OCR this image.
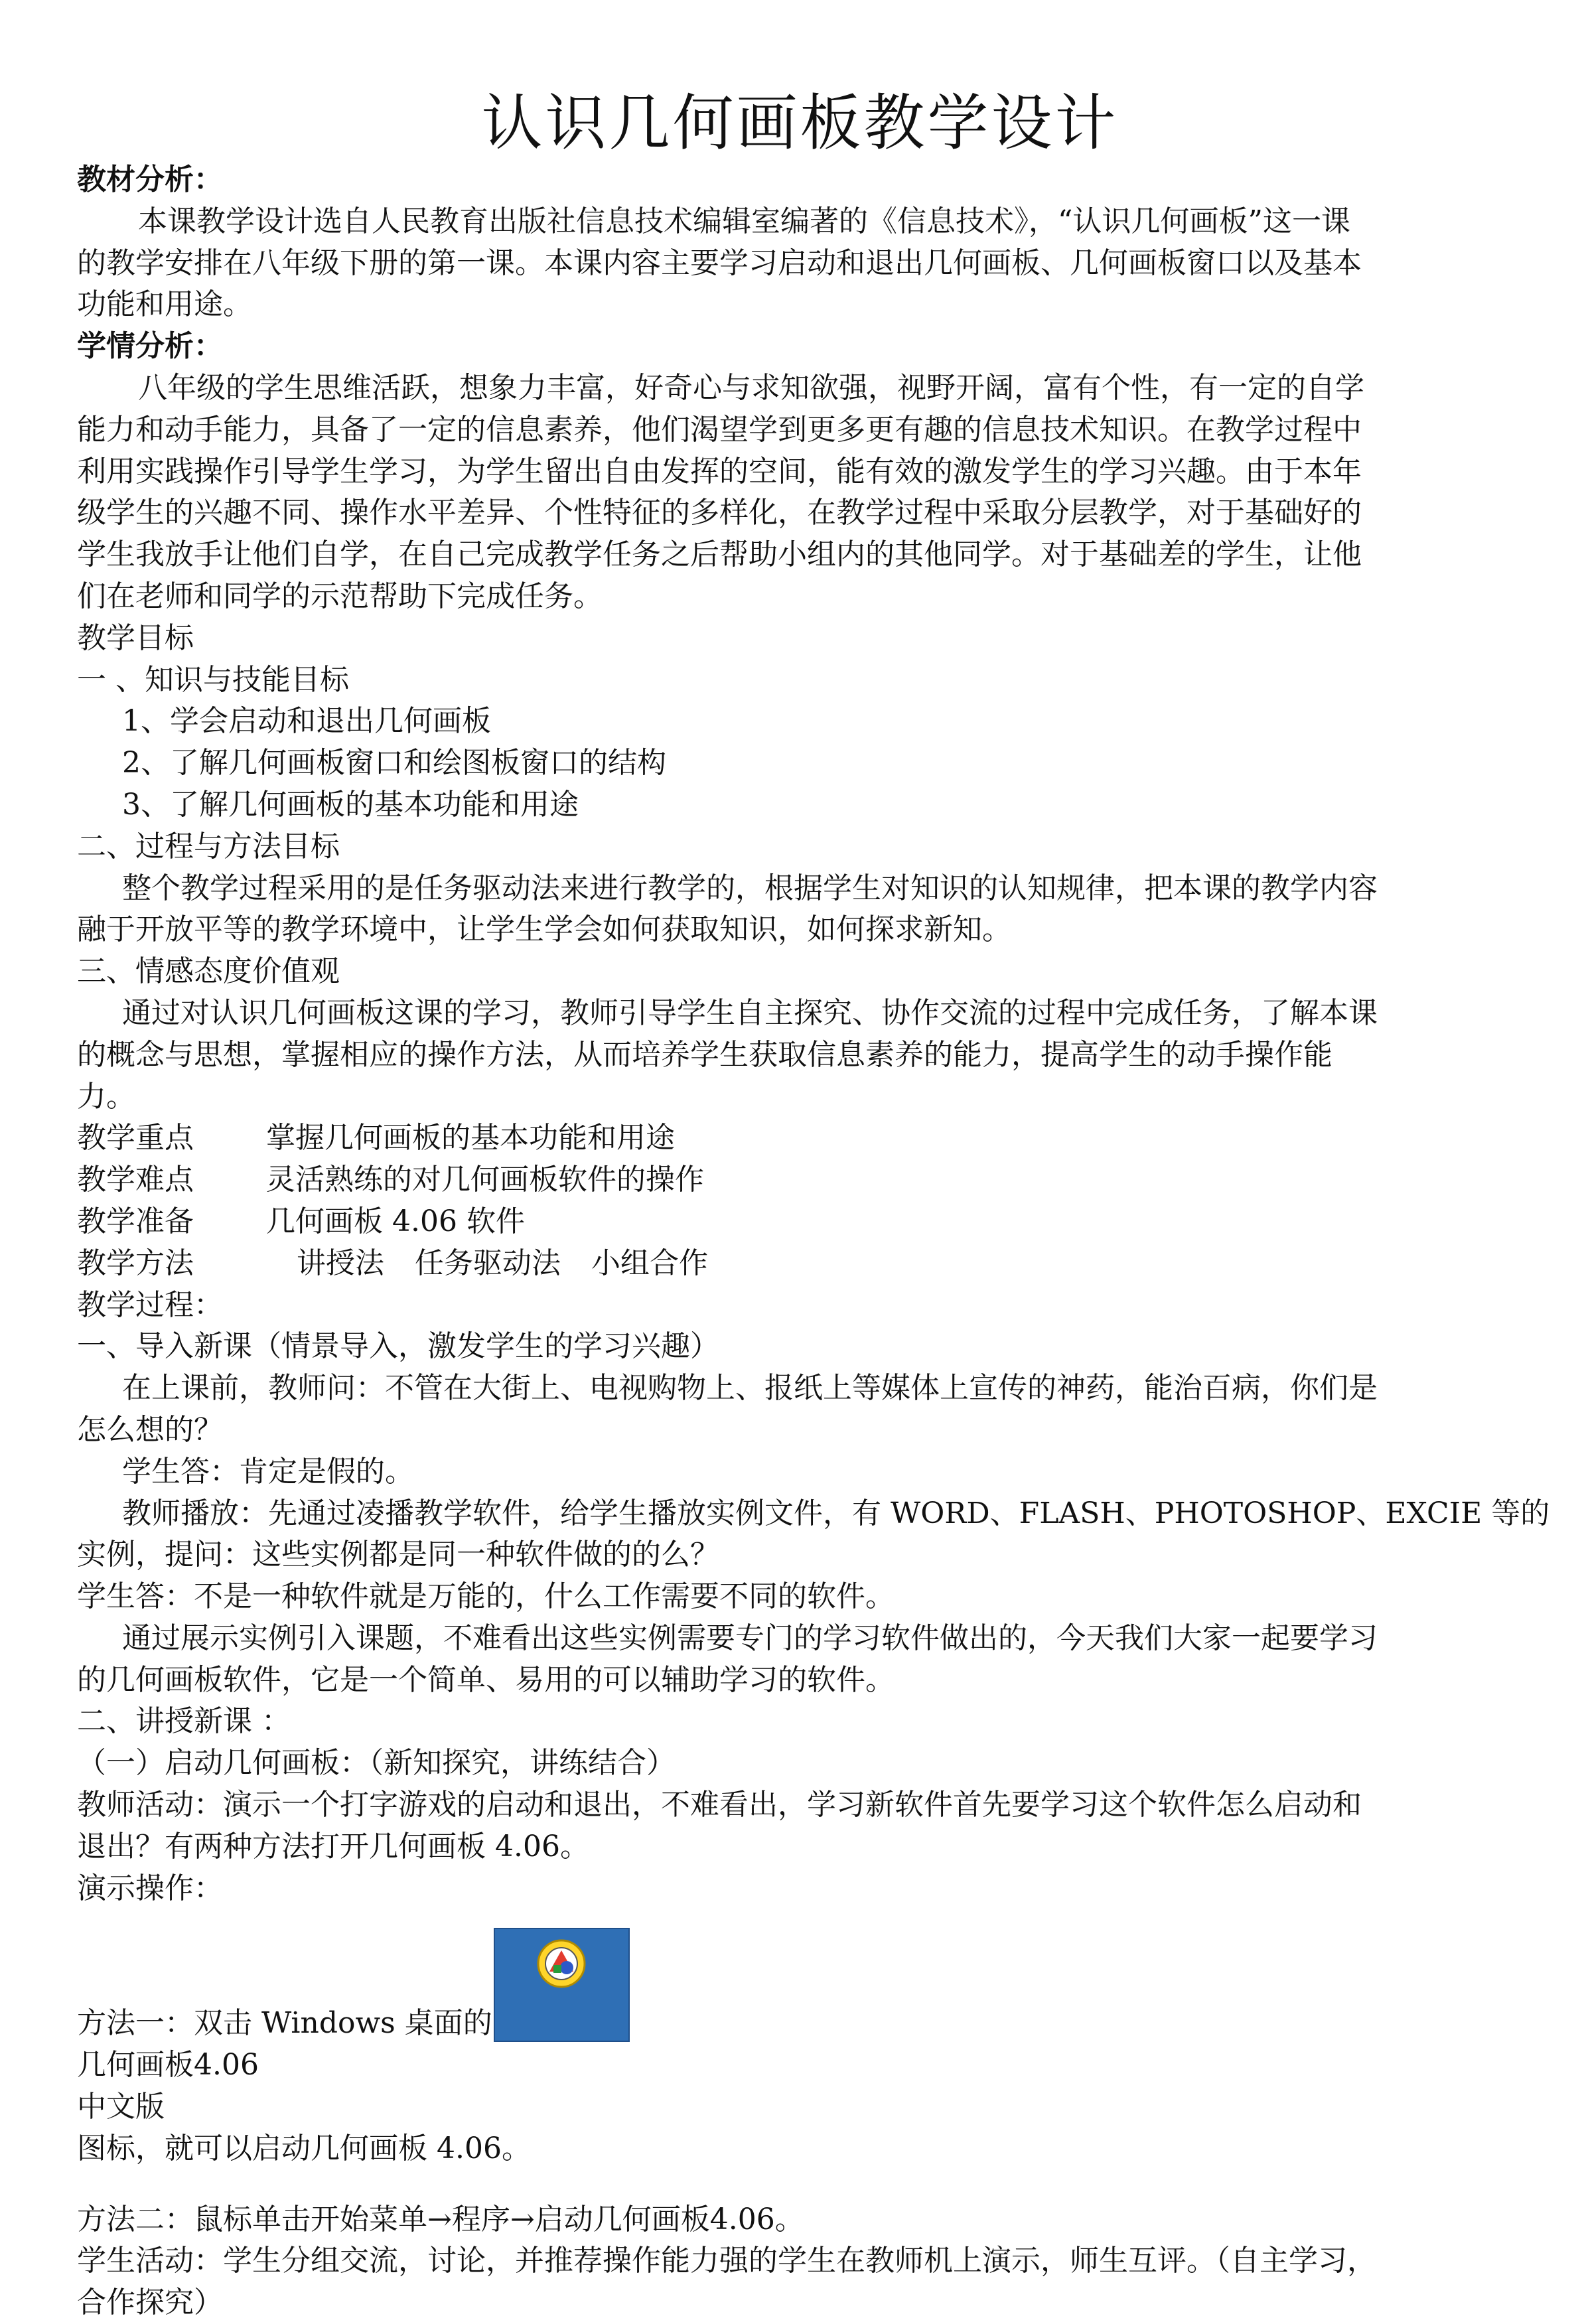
认识几何画板教学设计

教材分析：

本课教学设计选自人民教育出版社信息技术编辑室编著的《信息技术》，“认识几何画板”这一课

的教学安排在八年级下册的第一课。本课内容主要学习启动和退出几何画板、几何画板窗口以及基本

功能和用途。

学情分析：

八年级的学生思维活跃，想象力丰富，好奇心与求知欲强，视野开阔，富有个性，有一定的自学

能力和动手能力，具备了一定的信息素养，他们渴望学到更多更有趣的信息技术知识。在教学过程中

利用实践操作引导学生学习，为学生留出自由发挥的空间，能有效的激发学生的学习兴趣。由于本年

级学生的兴趣不同、操作水平差异、个性特征的多样化，在教学过程中采取分层教学，对于基础好的

学生我放手让他们自学，在自己完成教学任务之后帮助小组内的其他同学。对于基础差的学生，让他

们在老师和同学的示范帮助下完成任务。

教学目标

一 、知识与技能目标

1、学会启动和退出几何画板

2、了解几何画板窗口和绘图板窗口的结构

3、了解几何画板的基本功能和用途

二、过程与方法目标

整个教学过程采用的是任务驱动法来进行教学的，根据学生对知识的认知规律，把本课的教学内容

融于开放平等的教学环境中，让学生学会如何获取知识，如何探求新知。

三、情感态度价值观

通过对认识几何画板这课的学习，教师引导学生自主探究、协作交流的过程中完成任务，了解本课

的概念与思想，掌握相应的操作方法，从而培养学生获取信息素养的能力，提高学生的动手操作能

力。

教学重点 掌握几何画板的基本功能和用途

教学难点 灵活熟练的对几何画板软件的操作

教学准备 几何画板 4.06 软件

教学方法	讲授法 任务驱动法 小组合作

教学过程：

一、导入新课（情景导入，激发学生的学习兴趣）

在上课前，教师问：不管在大街上、电视购物上、报纸上等媒体上宣传的神药，能治百病，你们是

怎么想的？

学生答：肯定是假的。

教师播放：先通过凌播教学软件，给学生播放实例文件，有 WORD、FLASH、PHOTOSHOP、EXCIE 等的

实例，提问：这些实例都是同一种软件做的的么？

学生答：不是一种软件就是万能的，什么工作需要不同的软件。

通过展示实例引入课题，不难看出这些实例需要专门的学习软件做出的，今天我们大家一起要学习

的几何画板软件，它是一个简单、易用的可以辅助学习的软件。

二、讲授新课 ：

（一）启动几何画板：（新知探究，讲练结合）

教师活动：演示一个打字游戏的启动和退出，不难看出，学习新软件首先要学习这个软件怎么启动和

退出？有两种方法打开几何画板 4.06。

演示操作：

方法一：双击 Windows 桌面的

几何画板4.06
中文版
图标，就可以启动几何画板 4.06。

方法二：鼠标单击开始菜单→程序→启动几何画板4.06。

学生活动：学生分组交流，讨论，并推荐操作能力强的学生在教师机上演示，师生互评。（自主学习，

合作探究）
